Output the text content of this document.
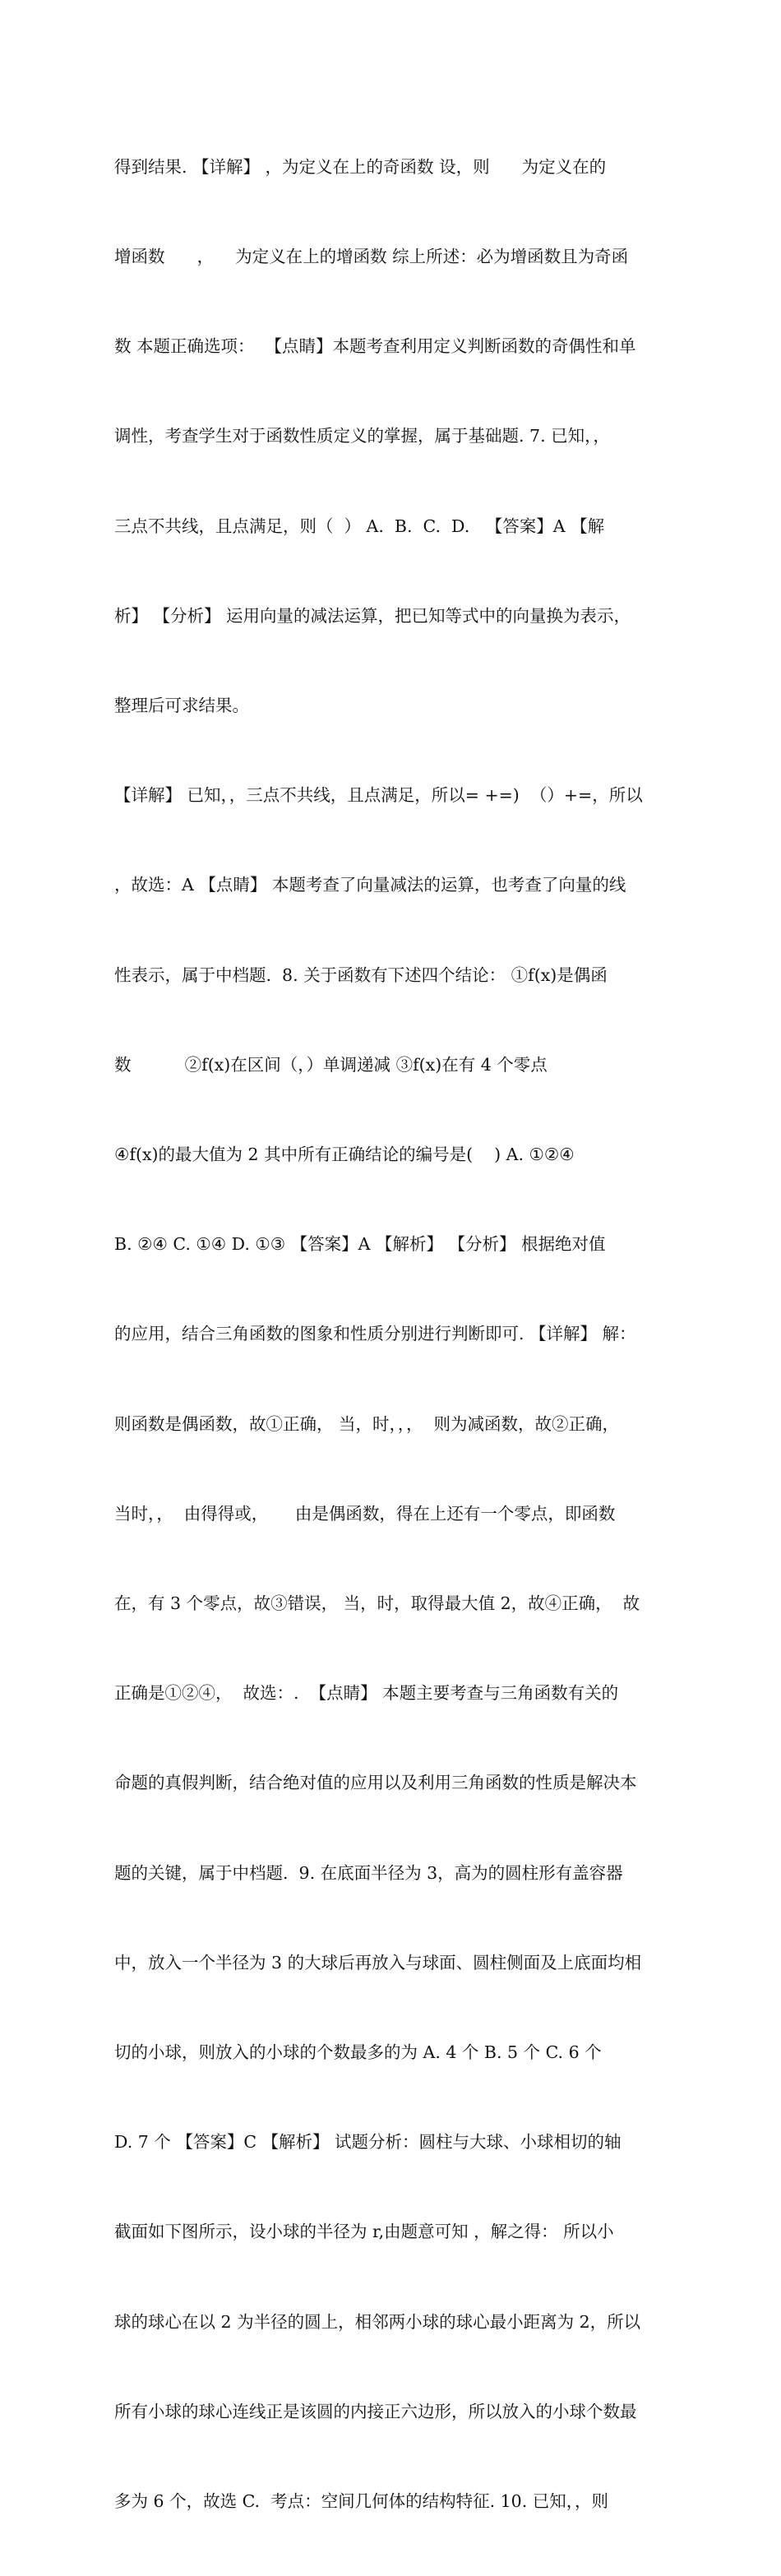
得到结果. 【详解】 ，为定义在上的奇函数 设，则      为定义在的

增函数      ，    为定义在上的增函数 综上所述：必为增函数且为奇函

数 本题正确选项：  【点睛】本题考查利用定义判断函数的奇偶性和单

调性，考查学生对于函数性质定义的掌握，属于基础题. 7. 已知，，

三点不共线，且点满足，则（  ） A.  B.  C.  D.   【答案】A 【解

析】 【分析】 运用向量的减法运算，把已知等式中的向量换为表示，

整理后可求结果。

【详解】 已知，，三点不共线，且点满足，所以= +=)  （）+=，所以

，故选：A 【点睛】 本题考查了向量减法的运算，也考查了向量的线

性表示，属于中档题.  8. 关于函数有下述四个结论： ①f(x)是偶函

数          ②f(x)在区间（，）单调递减 ③f(x)在有 4 个零点

④f(x)的最大值为 2 其中所有正确结论的编号是(    ) A. ①②④

B. ②④ C. ①④ D. ①③ 【答案】A 【解析】 【分析】 根据绝对值

的应用，结合三角函数的图象和性质分别进行判断即可. 【详解】 解：

则函数是偶函数，故①正确， 当，时，，，  则为减函数，故②正确，

当时，，  由得得或，     由是偶函数，得在上还有一个零点，即函数

在，有 3 个零点，故③错误， 当，时，取得最大值 2，故④正确，  故

正确是①②④，  故选：.  【点睛】 本题主要考查与三角函数有关的

命题的真假判断，结合绝对值的应用以及利用三角函数的性质是解决本

题的关键，属于中档题.  9. 在底面半径为 3，高为的圆柱形有盖容器

中，放入一个半径为 3 的大球后再放入与球面、圆柱侧面及上底面均相

切的小球，则放入的小球的个数最多的为 A. 4 个 B. 5 个 C. 6 个

D. 7 个 【答案】C 【解析】 试题分析：圆柱与大球、小球相切的轴

截面如下图所示，设小球的半径为 r,由题意可知 ，解之得： 所以小

球的球心在以 2 为半径的圆上，相邻两小球的球心最小距离为 2，所以

所有小球的球心连线正是该圆的内接正六边形，所以放入的小球个数最

多为 6 个，故选 C.  考点：空间几何体的结构特征. 10. 已知，，则
